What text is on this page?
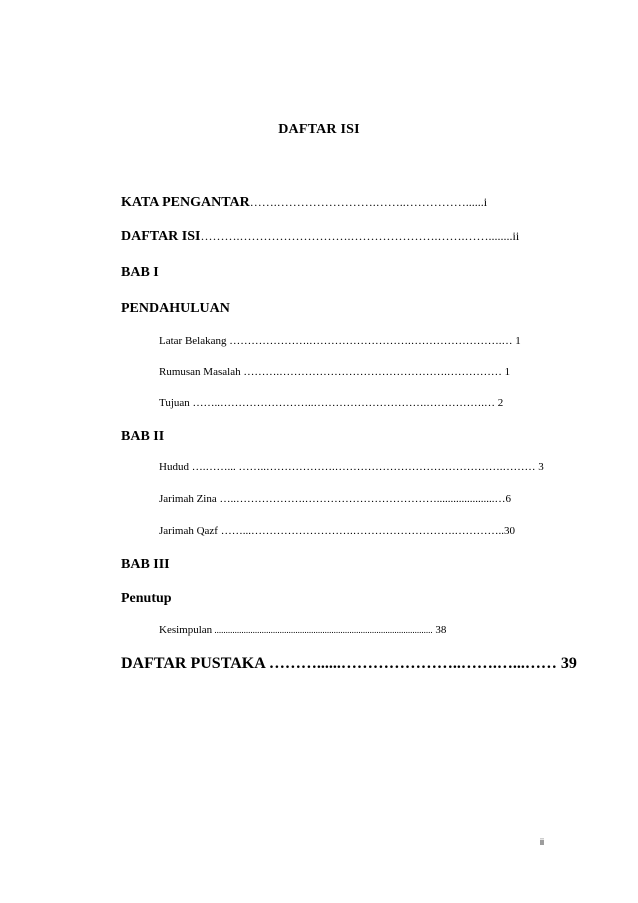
DAFTAR ISI
KATA PENGANTAR…….…………………….……..……………......i
DAFTAR ISI……….……………………….………………….…….……........ii
BAB I
PENDAHULUAN
Latar Belakang ………………….……………………….…………………….… 1
Rumusan Masalah ……….……………………………………….…………… 1
Tujuan ……..……………………..………………………….…………….… 2
BAB II
Hudud ….……... ……..……………….……………………………………….……… 3
Jarimah Zina …..……………….……………………………….....................…6
Jarimah Qazf ……...……………………….……………………….…………..30
BAB III
Penutup
Kesimpulan ................................................................................................. 38
DAFTAR PUSTAKA ………......…………………..…….…...…… 39
ii
